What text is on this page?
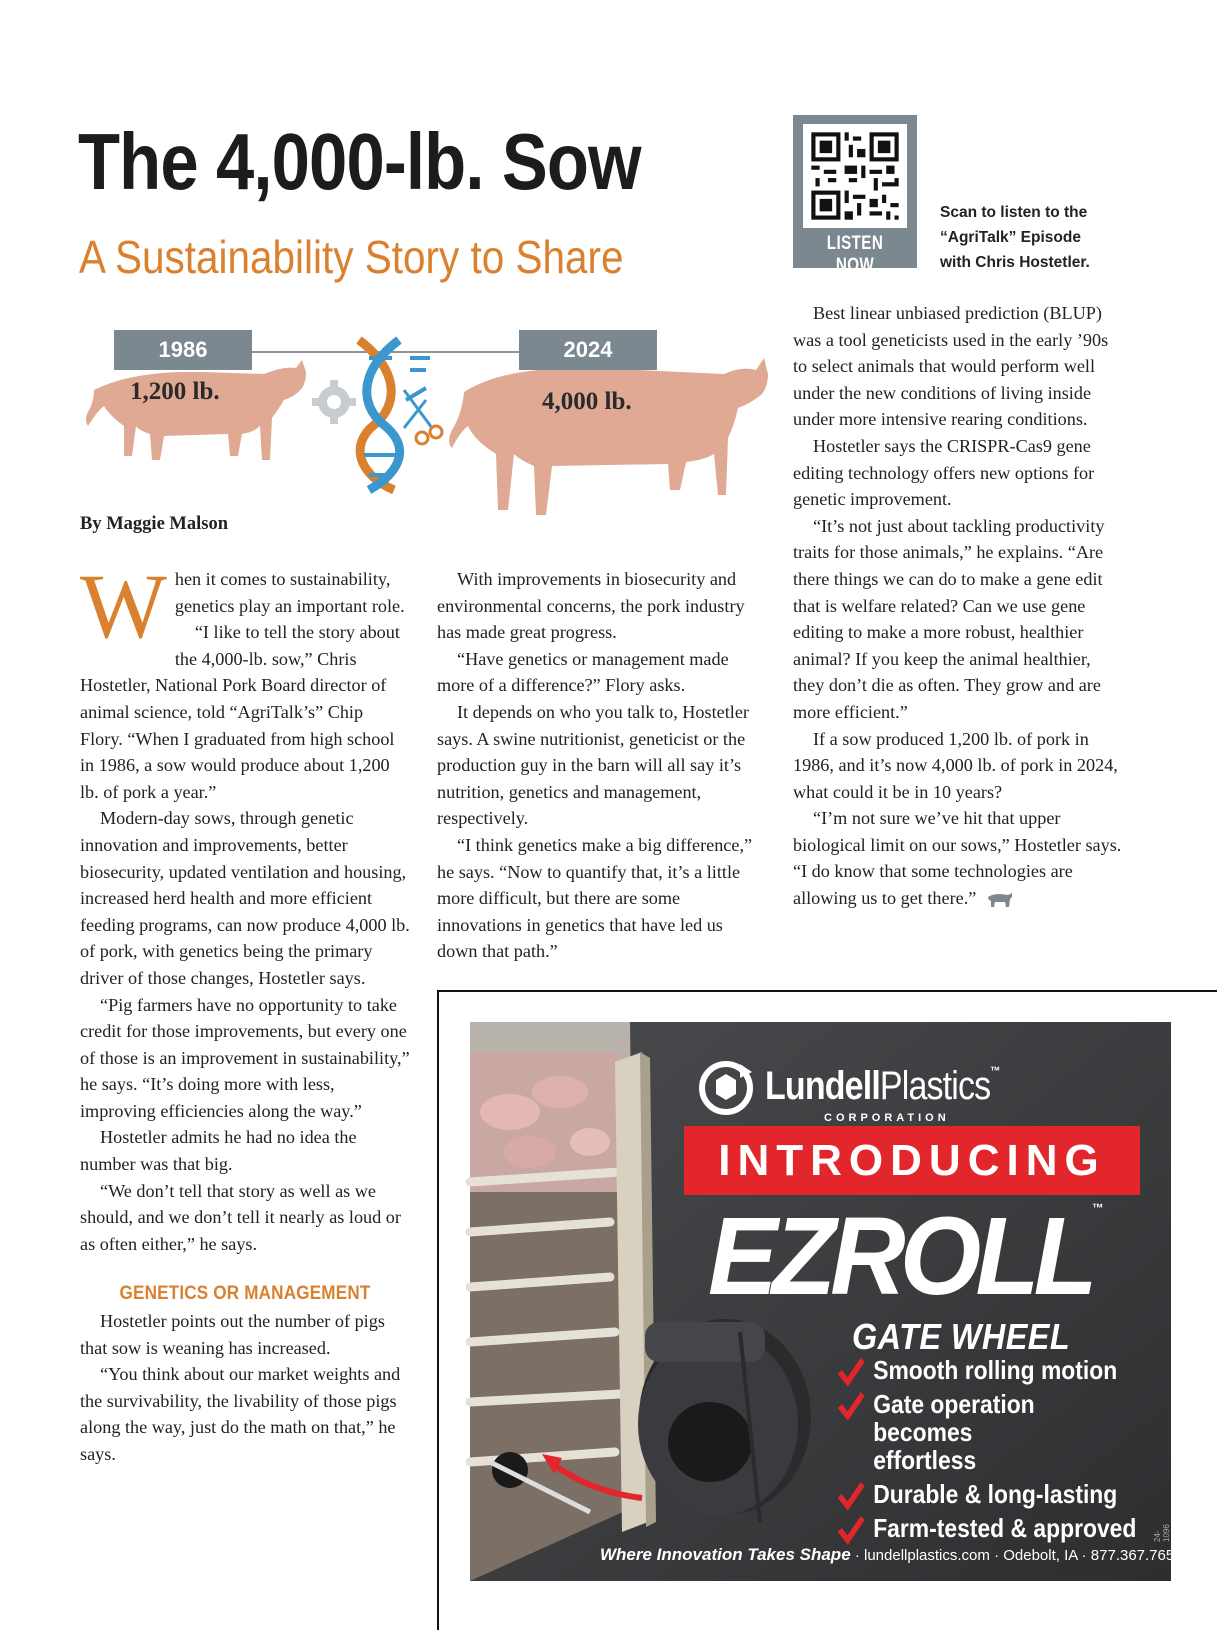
The 4,000-lb. Sow
A Sustainability Story to Share	LISTEN NOW
Scan to listen to the
“AgriTalk” Episode
with Chris Hostetler.
1986
1,200 lb.
2024
4,000 lb.
By Maggie Malson

When it comes to sustainability, genetics play an important role.

“I like to tell the story about the 4,000-lb. sow,” Chris Hostetler, National Pork Board director of animal science, told “AgriTalk’s” Chip Flory. “When I graduated from high school in 1986, a sow would produce about 1,200 lb. of pork a year.”

Modern-day sows, through genetic innovation and improvements, better biosecurity, updated ventilation and housing, increased herd health and more efficient feeding programs, can now produce 4,000 lb. of pork, with genetics being the primary driver of those changes, Hostetler says.

“Pig farmers have no opportunity to take credit for those improvements, but every one of those is an improvement in sustainability,” he says. “It’s doing more with less, improving efficiencies along the way.”

Hostetler admits he had no idea the number was that big.

“We don’t tell that story as well as we should, and we don’t tell it nearly as loud or as often either,” he says.

GENETICS OR MANAGEMENT

Hostetler points out the number of pigs that sow is weaning has increased.

“You think about our market weights and the survivability, the livability of those pigs along the way, just do the math on that,” he says.

With improvements in biosecurity and environmental concerns, the pork industry has made great progress.

“Have genetics or management made more of a difference?” Flory asks.

It depends on who you talk to, Hostetler says. A swine nutritionist, geneticist or the production guy in the barn will all say it’s nutrition, genetics and management, respectively.

“I think genetics make a big difference,” he says. “Now to quantify that, it’s a little more difficult, but there are some innovations in genetics that have led us down that path.”

Best linear unbiased prediction (BLUP) was a tool geneticists used in the early ’90s to select animals that would perform well under the new conditions of living inside under more intensive rearing conditions.

Hostetler says the CRISPR-Cas9 gene editing technology offers new options for genetic improvement.

“It’s not just about tackling productivity traits for those animals,” he explains. “Are there things we can do to make a gene edit that is welfare related? Can we use gene editing to make a more robust, healthier animal? If you keep the animal healthier, they don’t die as often. They grow and are more efficient.”

If a sow produced 1,200 lb. of pork in 1986, and it’s now 4,000 lb. of pork in 2024, what could it be in 10 years?

“I’m not sure we’ve hit that upper biological limit on our sows,” Hostetler says. “I do know that some technologies are allowing us to get there.”

LundellPlastics™
CORPORATION
INTRODUCING
EZROLL™
GATE WHEEL
Smooth rolling motion
Gate operation becomes effortless
Durable & long-lasting
Farm-tested & approved
Where Innovation Takes Shape · lundellplastics.com · Odebolt, IA · 877.367.7659
24-1096
